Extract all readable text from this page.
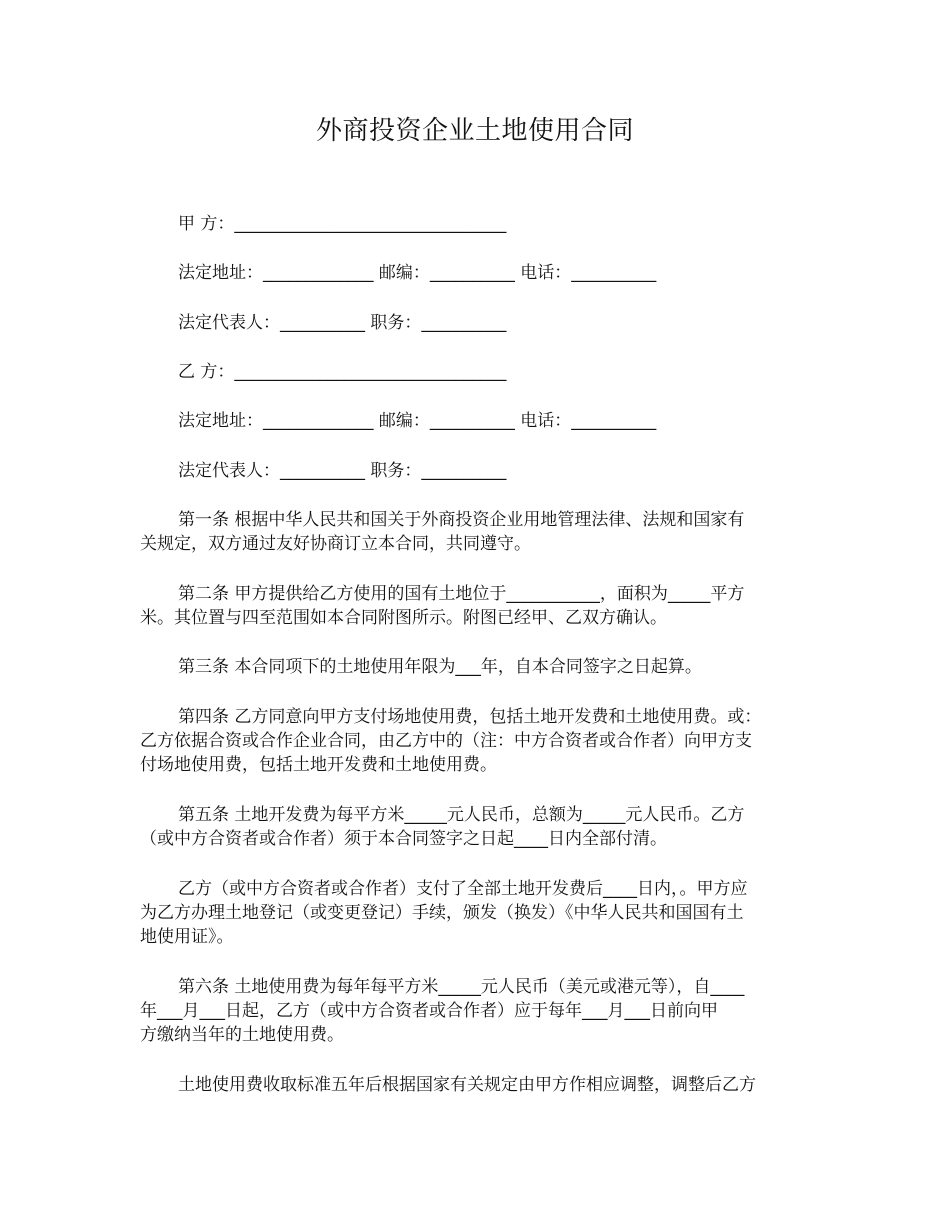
外商投资企业土地使用合同
甲 方：________________________________
法定地址：_____________ 邮编：__________ 电话：__________
法定代表人：__________ 职务：__________
乙 方：________________________________
法定地址：_____________ 邮编：__________ 电话：__________
法定代表人：__________ 职务：__________
第一条 根据中华人民共和国关于外商投资企业用地管理法律、法规和国家有
关规定，双方通过友好协商订立本合同，共同遵守。
第二条 甲方提供给乙方使用的国有土地位于___________，面积为_____平方
米。其位置与四至范围如本合同附图所示。附图已经甲、乙双方确认。
第三条 本合同项下的土地使用年限为___年，自本合同签字之日起算。
第四条 乙方同意向甲方支付场地使用费，包括土地开发费和土地使用费。或：
乙方依据合资或合作企业合同，由乙方中的（注：中方合资者或合作者）向甲方支
付场地使用费，包括土地开发费和土地使用费。
第五条 土地开发费为每平方米_____元人民币，总额为_____元人民币。乙方
（或中方合资者或合作者）须于本合同签字之日起____日内全部付清。
乙方（或中方合资者或合作者）支付了全部土地开发费后____日内，。甲方应
为乙方办理土地登记（或变更登记）手续，颁发（换发）《中华人民共和国国有土
地使用证》。
第六条 土地使用费为每年每平方米_____元人民币（美元或港元等），自____
年___月___日起，乙方（或中方合资者或合作者）应于每年___月___日前向甲
方缴纳当年的土地使用费。
土地使用费收取标准五年后根据国家有关规定由甲方作相应调整，调整后乙方
